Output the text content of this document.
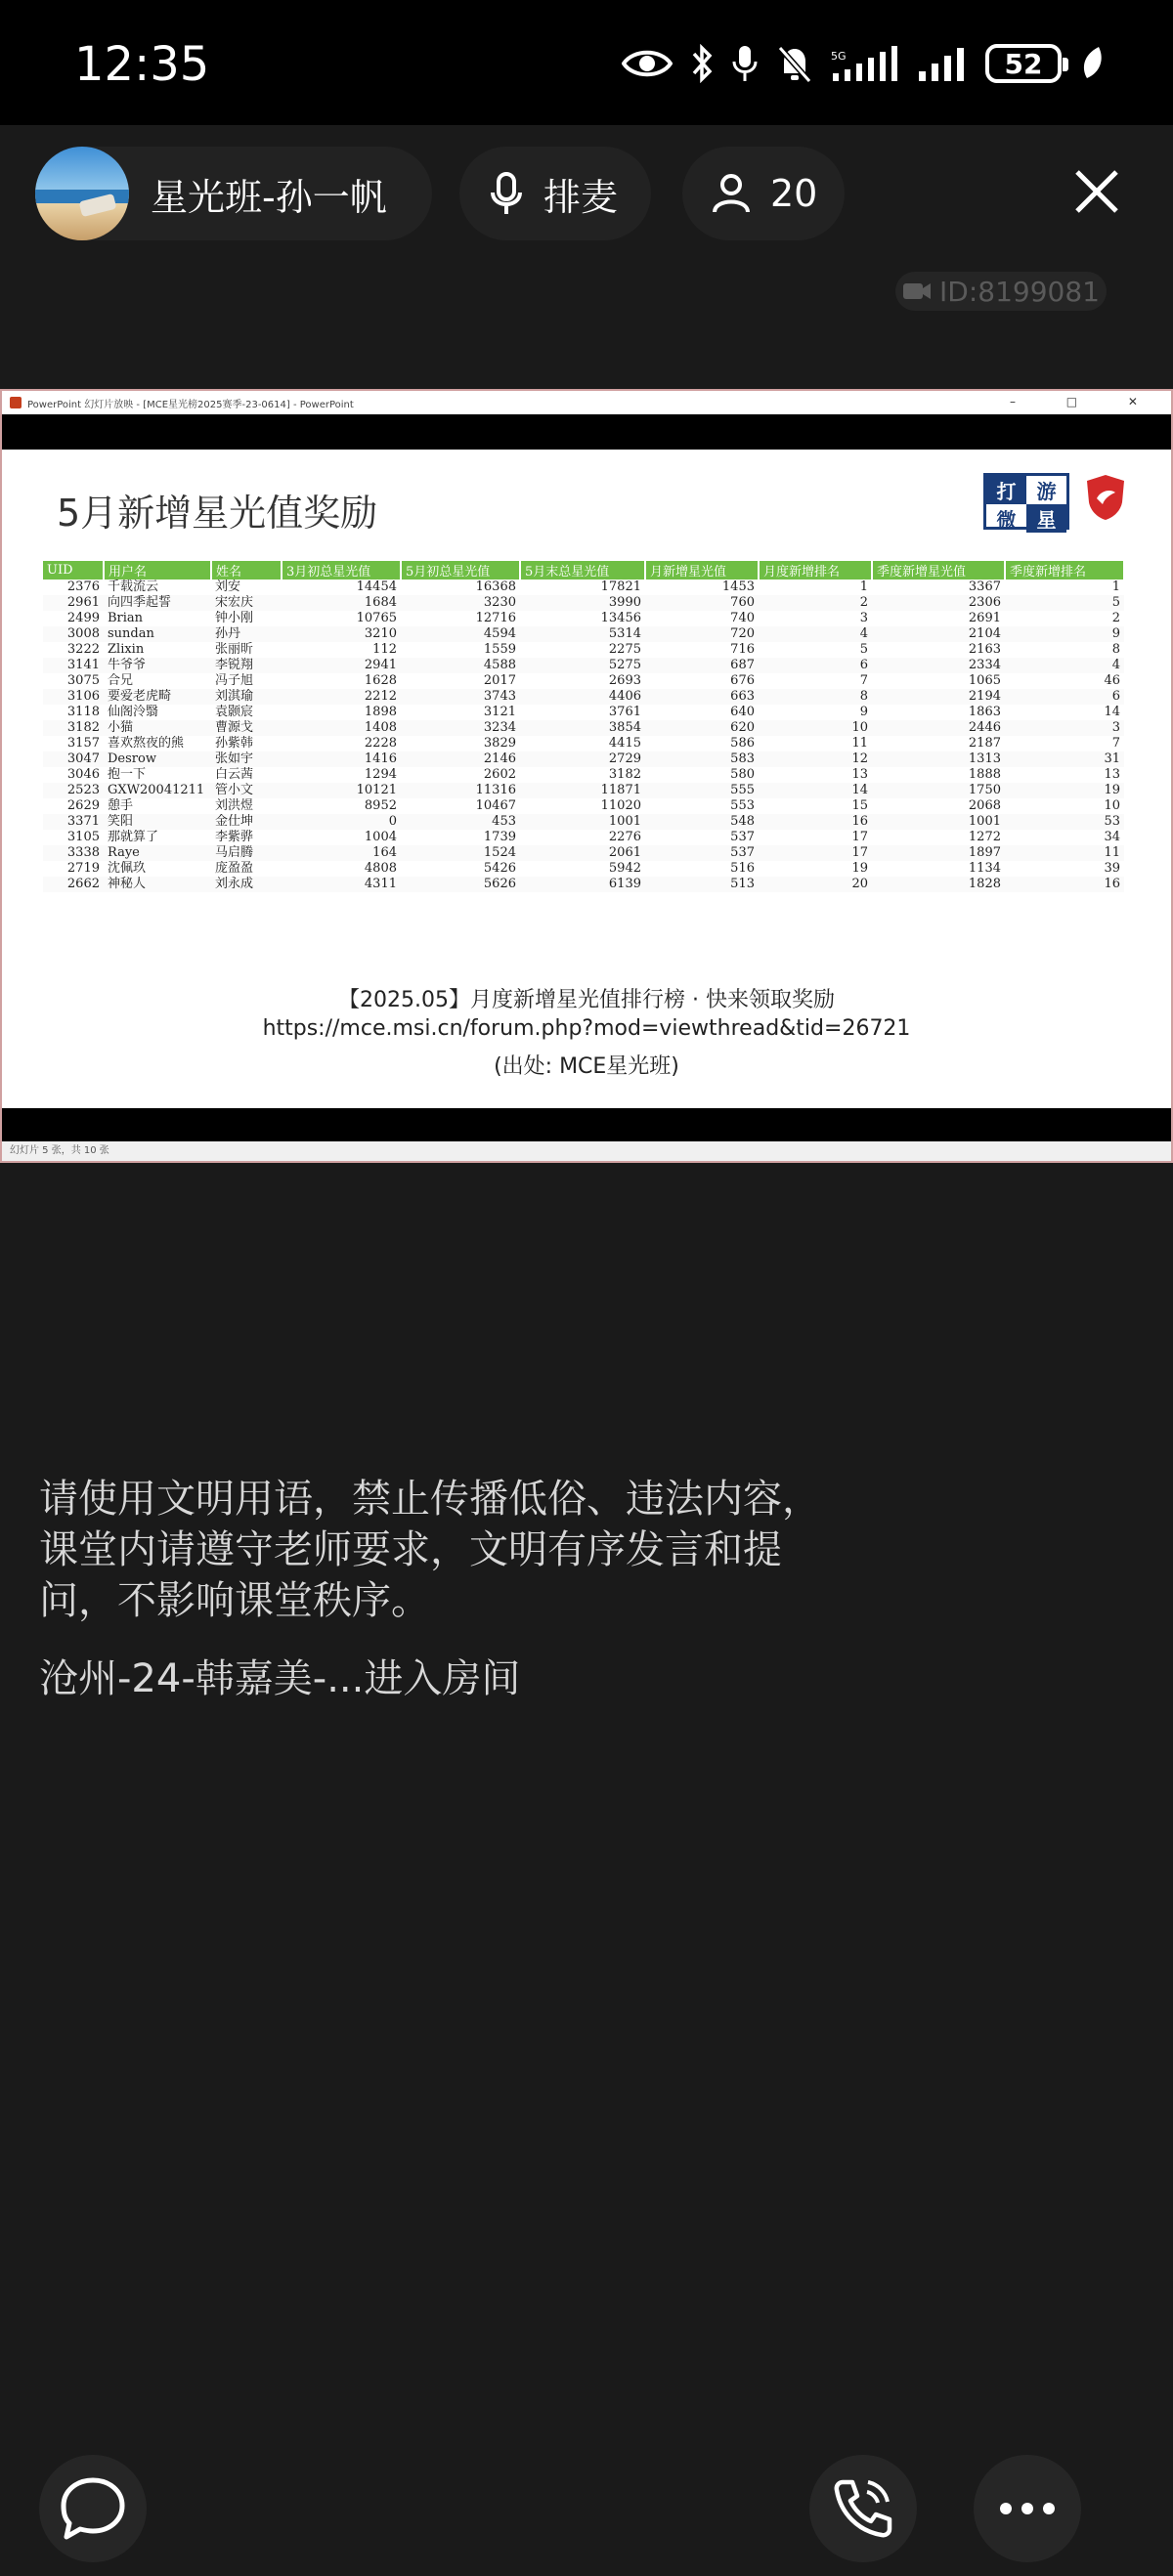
12:35	5G	52
星光班-孙一帆	排麦	20
ID:8199081
PowerPoint 幻灯片放映 - [MCE星光榜2025赛季-23-0614] - PowerPoint	– □ ✕
5月新增星光值奖励	打	游
微	星
UID	用户名	姓名	3月初总星光值	5月初总星光值	5月末总星光值	月新增星光值	月度新增排名	季度新增星光值	季度新增排名
2376	千载流云	刘安	14454	16368	17821	1453	1	3367	1
2961	向四季起誓	宋宏庆	1684	3230	3990	760	2	2306	5
2499	Brian	钟小刚	10765	12716	13456	740	3	2691	2
3008	sundan	孙丹	3210	4594	5314	720	4	2104	9
3222	Zlixin	张丽昕	112	1559	2275	716	5	2163	8
3141	牛爷爷	李锐翔	2941	4588	5275	687	6	2334	4
3075	合兄	冯子旭	1628	2017	2693	676	7	1065	46
3106	要爱老虎畸	刘淇瑜	2212	3743	4406	663	8	2194	6
3118	仙阁泠翳	袁颢宸	1898	3121	3761	640	9	1863	14
3182	小猫	曹源戈	1408	3234	3854	620	10	2446	3
3157	喜欢熬夜的熊	孙紫韩	2228	3829	4415	586	11	2187	7
3047	Desrow	张如宇	1416	2146	2729	583	12	1313	31
3046	抱一下	白云茜	1294	2602	3182	580	13	1888	13
2523	GXW20041211	管小文	10121	11316	11871	555	14	1750	19
2629	憩手	刘洪煜	8952	10467	11020	553	15	2068	10
3371	笑阳	金仕坤	0	453	1001	548	16	1001	53
3105	那就算了	李紫骅	1004	1739	2276	537	17	1272	34
3338	Raye	马启腾	164	1524	2061	537	17	1897	11
2719	沈佩玖	庞盈盈	4808	5426	5942	516	19	1134	39
2662	神秘人	刘永成	4311	5626	6139	513	20	1828	16
【2025.05】月度新增星光值排行榜 · 快来领取奖励
https://mce.msi.cn/forum.php?mod=viewthread&tid=26721
(出处: MCE星光班)
幻灯片 5 张，共 10 张
请使用文明用语，禁止传播低俗、违法内容，课堂内请遵守老师要求，文明有序发言和提问，不影响课堂秩序。
沧州-24-韩嘉美-...进入房间
